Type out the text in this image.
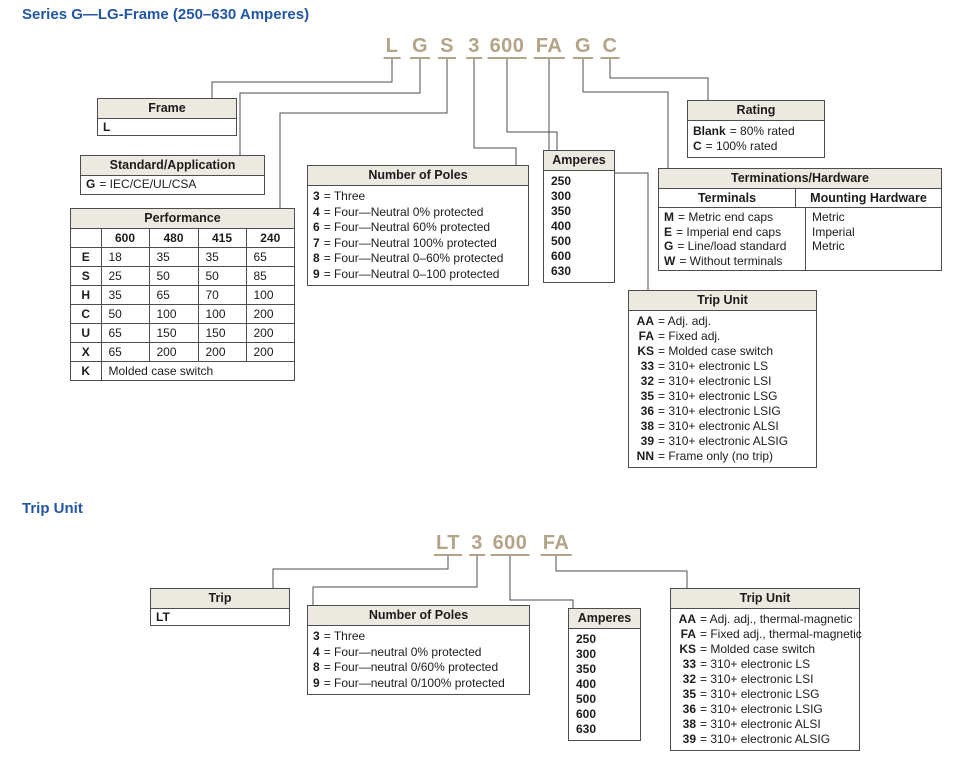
Series G—LG-Frame (250–630 Amperes)
L G S 3 600 FA G C
Frame
L
Standard/Application
G = IEC/CE/UL/CSA
Performance
	600	480	415	240
E	18	35	35	65
S	25	50	50	85
H	35	65	70	100
C	50	100	100	200
U	65	150	150	200
X	65	200	200	200
K	Molded case switch			
Number of Poles
3 = Three
4 = Four—Neutral 0% protected
6 = Four—Neutral 60% protected
7 = Four—Neutral 100% protected
8 = Four—Neutral 0–60% protected
9 = Four—Neutral 0–100 protected
Amperes
250
300
350
400
500
600
630
Rating
Blank = 80% rated
C = 100% rated
Terminations/Hardware
Terminals	Mounting Hardware
M = Metric end caps
E = Imperial end caps
G = Line/load standard
W = Without terminals
Metric
Imperial
Metric
Trip Unit
AA = Adj. adj.
FA = Fixed adj.
KS = Molded case switch
33 = 310+ electronic LS
32 = 310+ electronic LSI
35 = 310+ electronic LSG
36 = 310+ electronic LSIG
38 = 310+ electronic ALSI
39 = 310+ electronic ALSIG
NN = Frame only (no trip)
Trip Unit
LT 3 600 FA
Trip
LT	Number of Poles
3 = Three
4 = Four—neutral 0% protected
8 = Four—neutral 0/60% protected
9 = Four—neutral 0/100% protected
Amperes
250
300
350
400
500
600
630
Trip Unit
AA = Adj. adj., thermal-magnetic
FA = Fixed adj., thermal-magnetic
KS = Molded case switch
33 = 310+ electronic LS
32 = 310+ electronic LSI
35 = 310+ electronic LSG
36 = 310+ electronic LSIG
38 = 310+ electronic ALSI
39 = 310+ electronic ALSIG
